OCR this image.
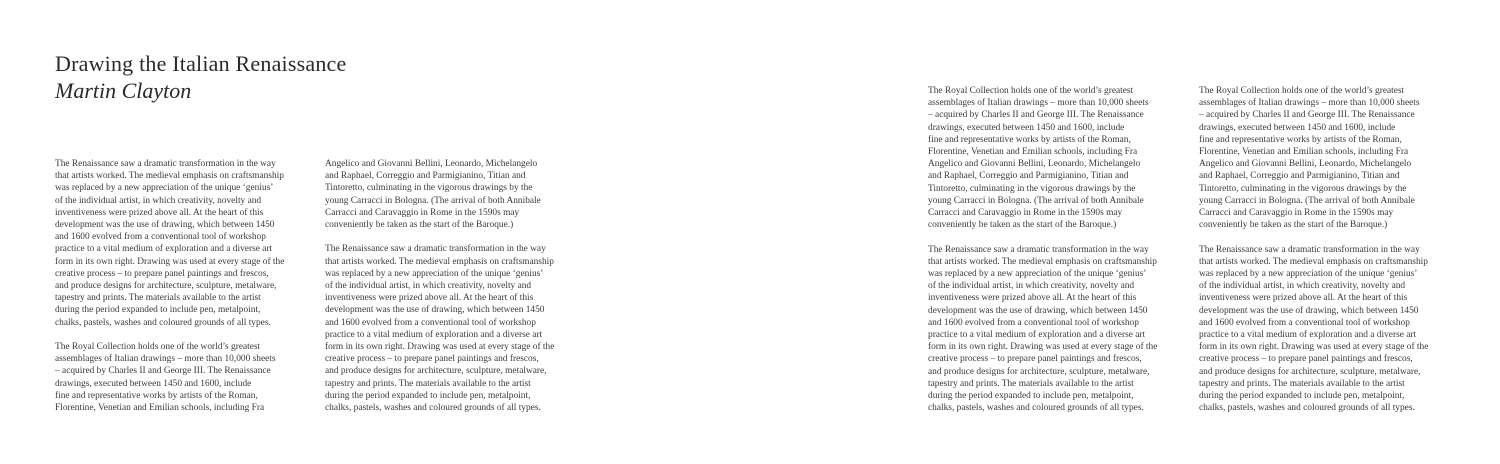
Drawing the Italian Renaissance
Martin Clayton

The Renaissance saw a dramatic transformation in the way

that artists worked. The medieval emphasis on craftsmanship

was replaced by a new appreciation of the unique ‘genius’

of the individual artist, in which creativity, novelty and

inventiveness were prized above all. At the heart of this

development was the use of drawing, which between 1450

and 1600 evolved from a conventional tool of workshop

practice to a vital medium of exploration and a diverse art

form in its own right. Drawing was used at every stage of the

creative process – to prepare panel paintings and frescos,

and produce designs for architecture, sculpture, metalware,

tapestry and prints. The materials available to the artist

during the period expanded to include pen, metalpoint,

chalks, pastels, washes and coloured grounds of all types.

The Royal Collection holds one of the world’s greatest

assemblages of Italian drawings – more than 10,000 sheets

– acquired by Charles II and George III. The Renaissance

drawings, executed between 1450 and 1600, include

fine and representative works by artists of the Roman,

Florentine, Venetian and Emilian schools, including Fra

Angelico and Giovanni Bellini, Leonardo, Michelangelo

and Raphael, Correggio and Parmigianino, Titian and

Tintoretto, culminating in the vigorous drawings by the

young Carracci in Bologna. (The arrival of both Annibale

Carracci and Caravaggio in Rome in the 1590s may

conveniently be taken as the start of the Baroque.)

The Renaissance saw a dramatic transformation in the way

that artists worked. The medieval emphasis on craftsmanship

was replaced by a new appreciation of the unique ‘genius’

of the individual artist, in which creativity, novelty and

inventiveness were prized above all. At the heart of this

development was the use of drawing, which between 1450

and 1600 evolved from a conventional tool of workshop

practice to a vital medium of exploration and a diverse art

form in its own right. Drawing was used at every stage of the

creative process – to prepare panel paintings and frescos,

and produce designs for architecture, sculpture, metalware,

tapestry and prints. The materials available to the artist

during the period expanded to include pen, metalpoint,

chalks, pastels, washes and coloured grounds of all types.

The Royal Collection holds one of the world’s greatest

assemblages of Italian drawings – more than 10,000 sheets

– acquired by Charles II and George III. The Renaissance

drawings, executed between 1450 and 1600, include

fine and representative works by artists of the Roman,

Florentine, Venetian and Emilian schools, including Fra

Angelico and Giovanni Bellini, Leonardo, Michelangelo

and Raphael, Correggio and Parmigianino, Titian and

Tintoretto, culminating in the vigorous drawings by the

young Carracci in Bologna. (The arrival of both Annibale

Carracci and Caravaggio in Rome in the 1590s may

conveniently be taken as the start of the Baroque.)

The Renaissance saw a dramatic transformation in the way

that artists worked. The medieval emphasis on craftsmanship

was replaced by a new appreciation of the unique ‘genius’

of the individual artist, in which creativity, novelty and

inventiveness were prized above all. At the heart of this

development was the use of drawing, which between 1450

and 1600 evolved from a conventional tool of workshop

practice to a vital medium of exploration and a diverse art

form in its own right. Drawing was used at every stage of the

creative process – to prepare panel paintings and frescos,

and produce designs for architecture, sculpture, metalware,

tapestry and prints. The materials available to the artist

during the period expanded to include pen, metalpoint,

chalks, pastels, washes and coloured grounds of all types.

The Royal Collection holds one of the world’s greatest

assemblages of Italian drawings – more than 10,000 sheets

– acquired by Charles II and George III. The Renaissance

drawings, executed between 1450 and 1600, include

fine and representative works by artists of the Roman,

Florentine, Venetian and Emilian schools, including Fra

Angelico and Giovanni Bellini, Leonardo, Michelangelo

and Raphael, Correggio and Parmigianino, Titian and

Tintoretto, culminating in the vigorous drawings by the

young Carracci in Bologna. (The arrival of both Annibale

Carracci and Caravaggio in Rome in the 1590s may

conveniently be taken as the start of the Baroque.)

The Renaissance saw a dramatic transformation in the way

that artists worked. The medieval emphasis on craftsmanship

was replaced by a new appreciation of the unique ‘genius’

of the individual artist, in which creativity, novelty and

inventiveness were prized above all. At the heart of this

development was the use of drawing, which between 1450

and 1600 evolved from a conventional tool of workshop

practice to a vital medium of exploration and a diverse art

form in its own right. Drawing was used at every stage of the

creative process – to prepare panel paintings and frescos,

and produce designs for architecture, sculpture, metalware,

tapestry and prints. The materials available to the artist

during the period expanded to include pen, metalpoint,

chalks, pastels, washes and coloured grounds of all types.
